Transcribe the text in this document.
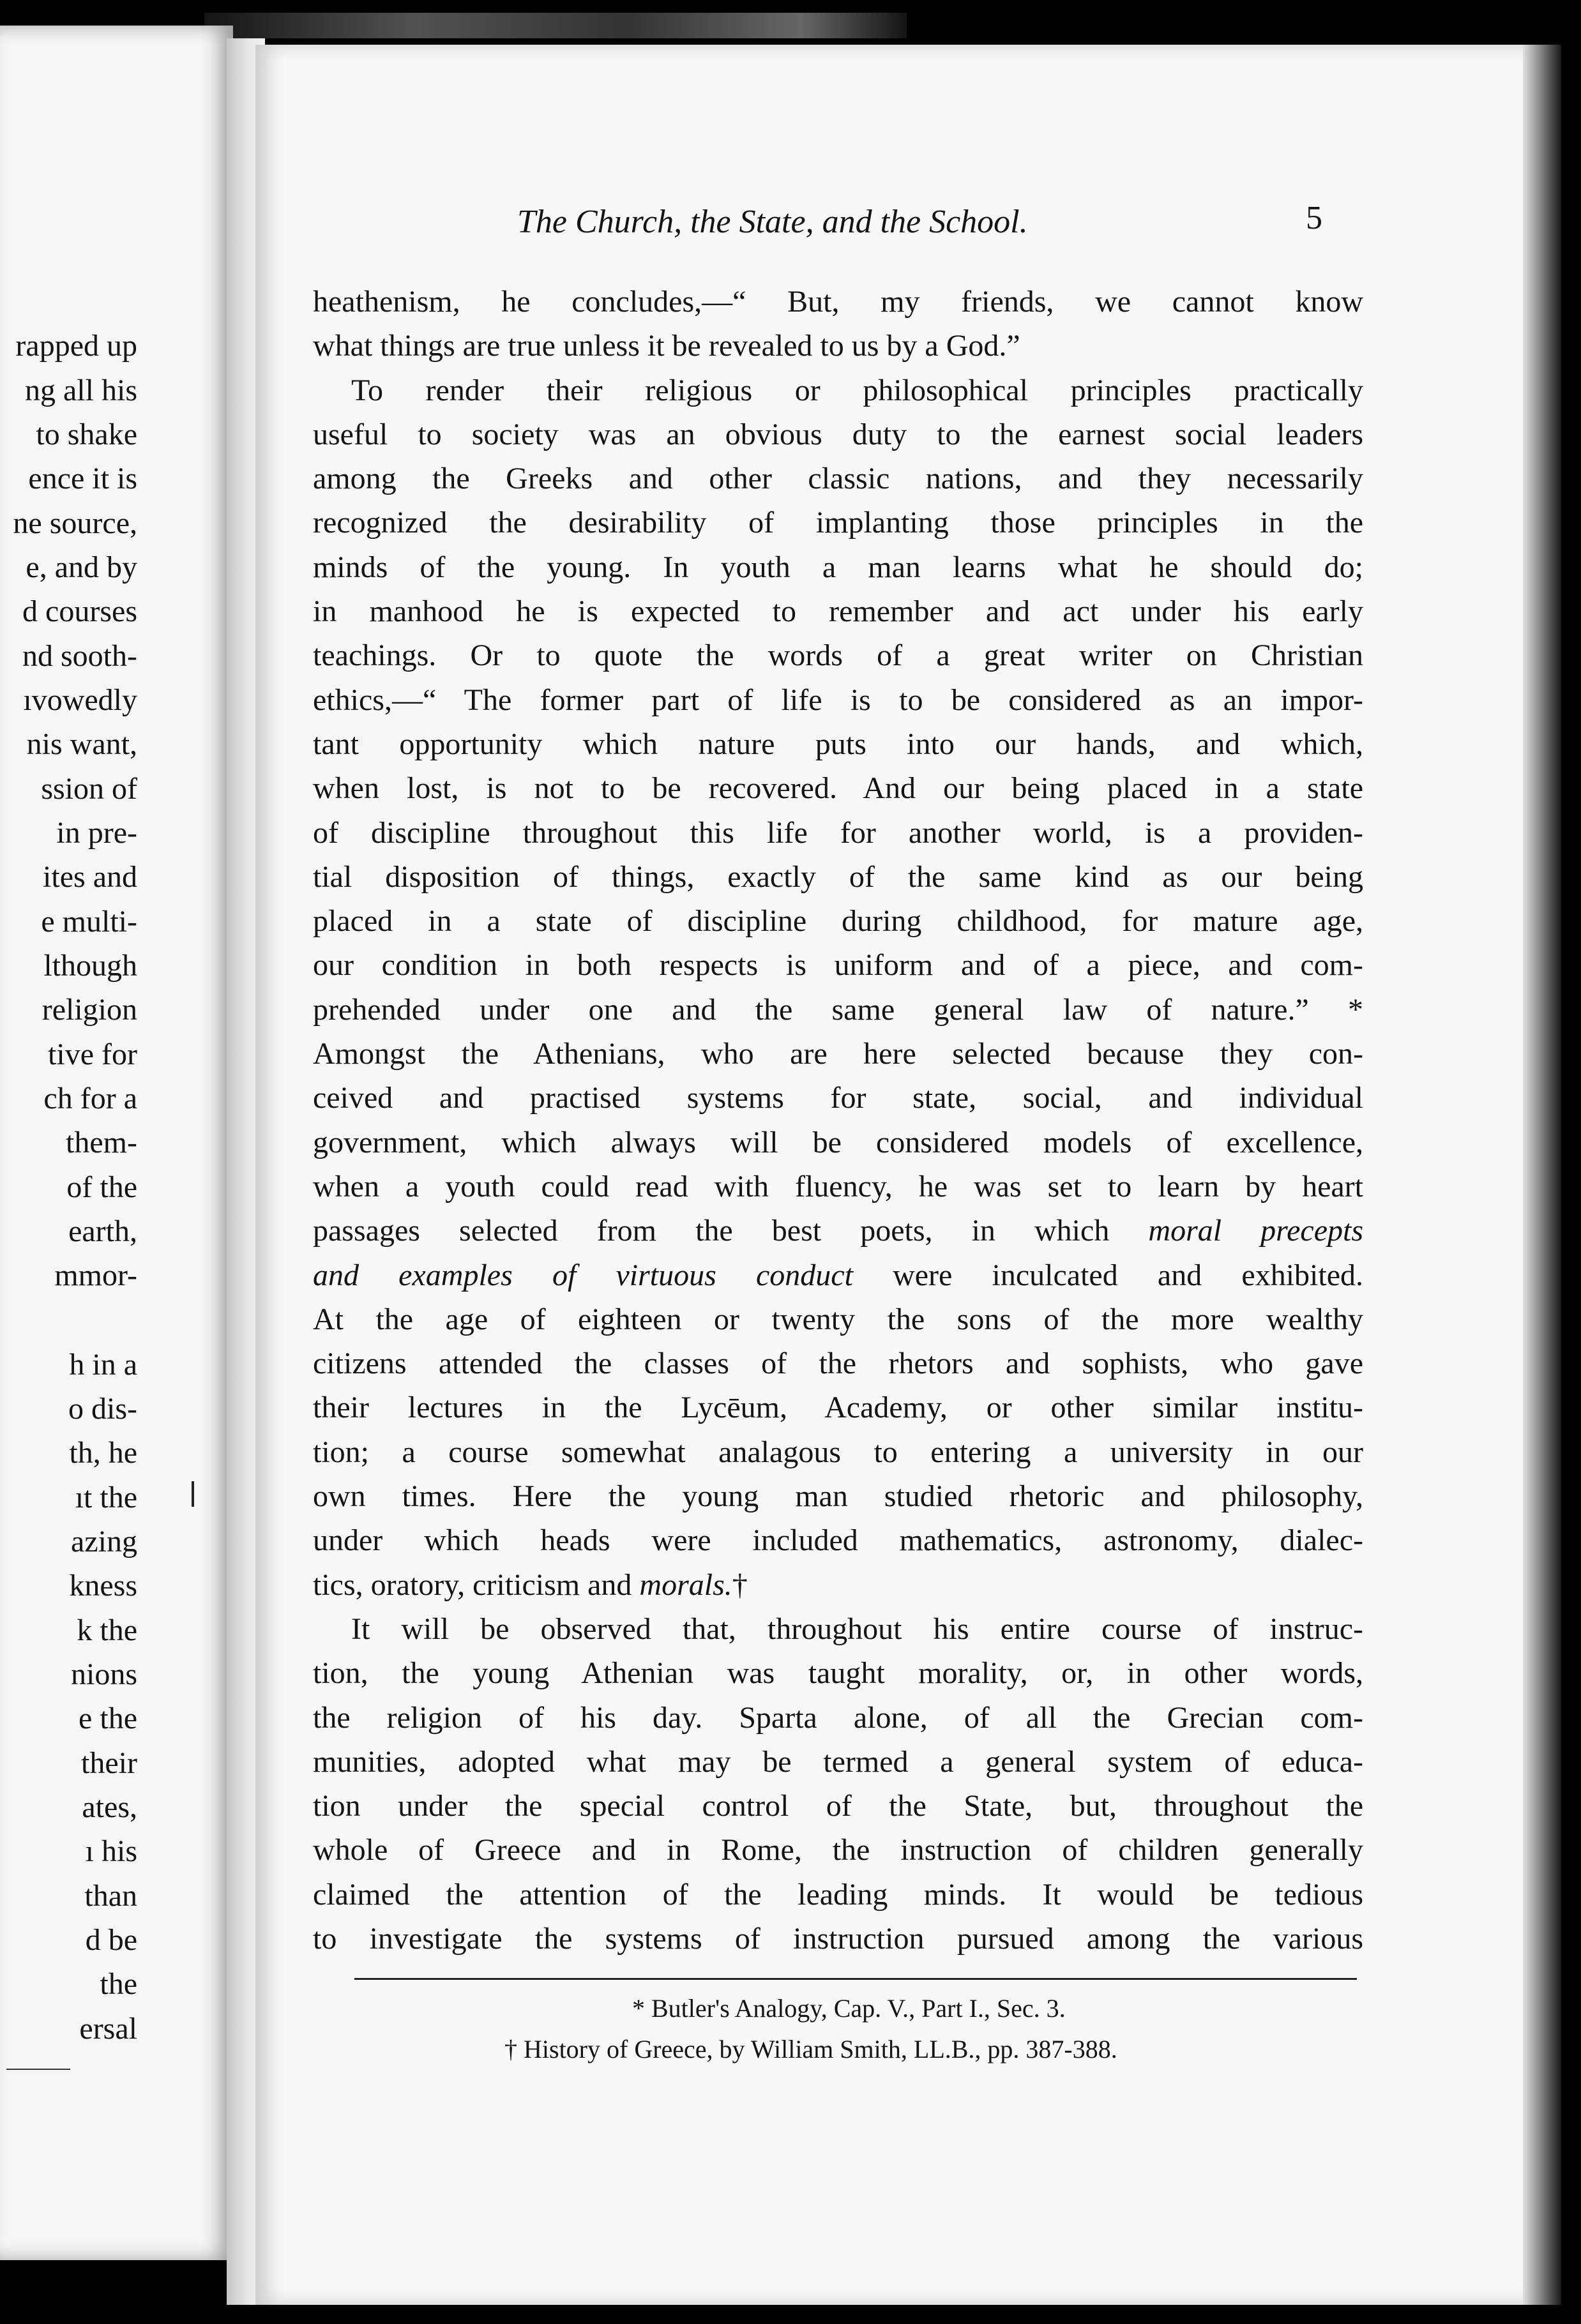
rapped up
ng all his
to shake
ence it is
ne source,
e, and by
d courses
nd sooth-
ıvowedly
nis want,
ssion of
in pre-
ites and
e multi-
lthough
religion
tive for
ch for a
them-
of the
earth,
mmor-
h in a
o dis-
th, he
ıt the
azing
kness
k the
nions
e the
their
ates,
ı his
than
d be
the
ersal
The Church, the State, and the School.	5
heathenism, he concludes,—“ But, my friends, we cannot know
what things are true unless it be revealed to us by a God.”
To render their religious or philosophical principles practically
useful to society was an obvious duty to the earnest social leaders
among the Greeks and other classic nations, and they necessarily
recognized the desirability of implanting those principles in the
minds of the young. In youth a man learns what he should do;
in manhood he is expected to remember and act under his early
teachings. Or to quote the words of a great writer on Christian
ethics,—“ The former part of life is to be considered as an impor-
tant opportunity which nature puts into our hands, and which,
when lost, is not to be recovered. And our being placed in a state
of discipline throughout this life for another world, is a providen-
tial disposition of things, exactly of the same kind as our being
placed in a state of discipline during childhood, for mature age,
our condition in both respects is uniform and of a piece, and com-
prehended under one and the same general law of nature.” *
Amongst the Athenians, who are here selected because they con-
ceived and practised systems for state, social, and individual
government, which always will be considered models of excellence,
when a youth could read with fluency, he was set to learn by heart
passages selected from the best poets, in which moral precepts
and examples of virtuous conduct were inculcated and exhibited.
At the age of eighteen or twenty the sons of the more wealthy
citizens attended the classes of the rhetors and sophists, who gave
their lectures in the Lycēum, Academy, or other similar institu-
tion; a course somewhat analagous to entering a university in our
own times. Here the young man studied rhetoric and philosophy,
under which heads were included mathematics, astronomy, dialec-
tics, oratory, criticism and morals.†
It will be observed that, throughout his entire course of instruc-
tion, the young Athenian was taught morality, or, in other words,
the religion of his day. Sparta alone, of all the Grecian com-
munities, adopted what may be termed a general system of educa-
tion under the special control of the State, but, throughout the
whole of Greece and in Rome, the instruction of children generally
claimed the attention of the leading minds. It would be tedious
to investigate the systems of instruction pursued among the various
* Butler's Analogy, Cap. V., Part I., Sec. 3.
† History of Greece, by William Smith, LL.B., pp. 387-388.
